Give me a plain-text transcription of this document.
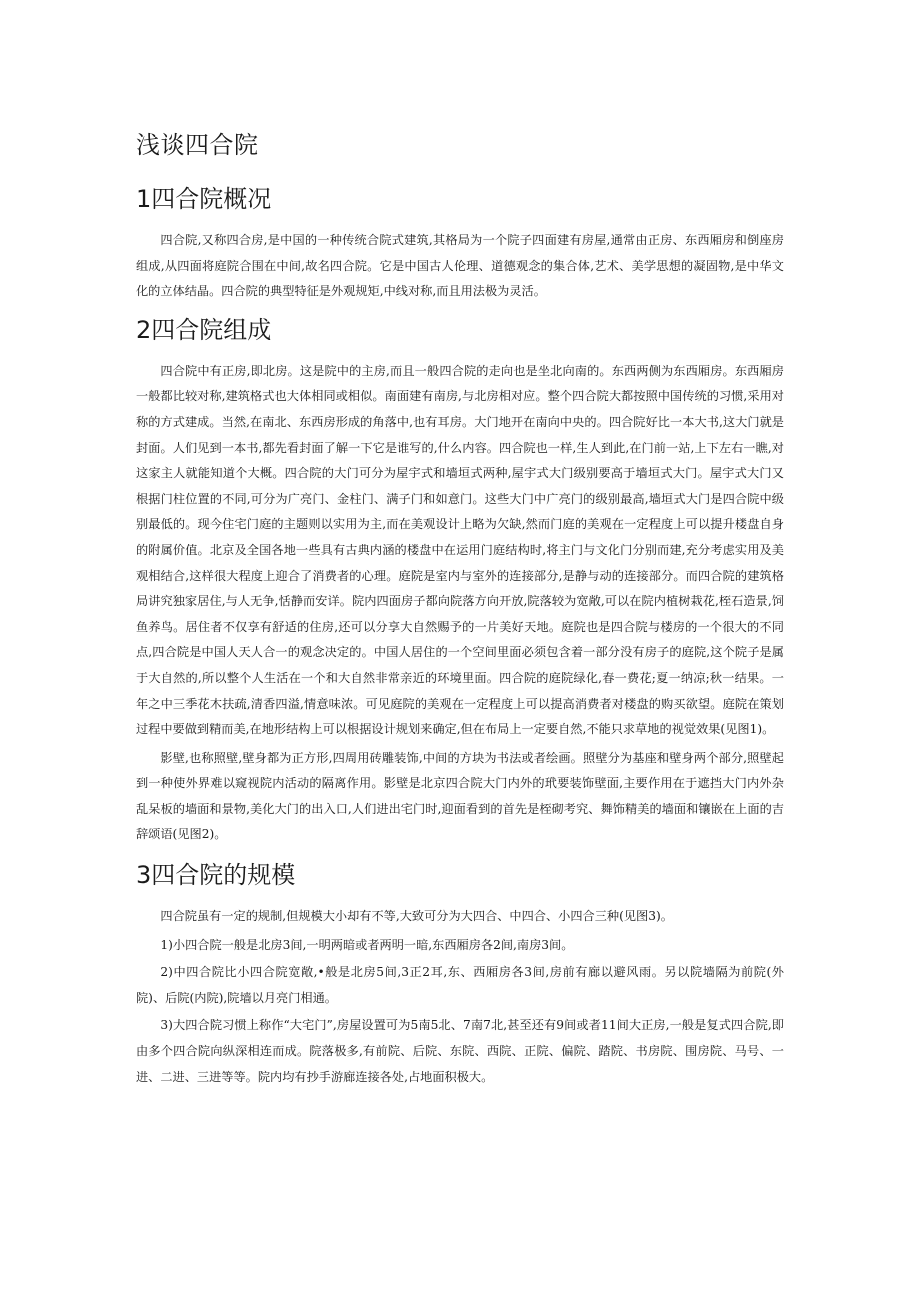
浅谈四合院
1四合院概况

四合院,又称四合房,是中国的一种传统合院式建筑,其格局为一个院子四面建有房屋,通常由正房、东西厢房和倒座房组成,从四面将庭院合围在中间,故名四合院。它是中国古人伦理、道德观念的集合体,艺术、美学思想的凝固物,是中华文化的立体结晶。四合院的典型特征是外观规矩,中线对称,而且用法极为灵活。

2四合院组成

四合院中有正房,即北房。这是院中的主房,而且一般四合院的走向也是坐北向南的。东西两侧为东西厢房。东西厢房一般都比较对称,建筑格式也大体相同或相似。南面建有南房,与北房相对应。整个四合院大都按照中国传统的习惯,采用对称的方式建成。当然,在南北、东西房形成的角落中,也有耳房。大门地开在南向中央的。四合院好比一本大书,这大门就是封面。人们见到一本书,都先看封面了解一下它是谁写的,什么内容。四合院也一样,生人到此,在门前一站,上下左右一瞧,对这家主人就能知道个大概。四合院的大门可分为屋宇式和墙垣式两种,屋宇式大门级别要高于墙垣式大门。屋宇式大门又根据门柱位置的不同,可分为广亮门、金柱门、满子门和如意门。这些大门中广亮门的级别最高,墙垣式大门是四合院中级别最低的。现今住宅门庭的主题则以实用为主,而在美观设计上略为欠缺,然而门庭的美观在一定程度上可以提升楼盘自身的附属价值。北京及全国各地一些具有古典内涵的楼盘中在运用门庭结构时,将主门与文化门分别而建,充分考虑实用及美观相结合,这样很大程度上迎合了消费者的心理。庭院是室内与室外的连接部分,是静与动的连接部分。而四合院的建筑格局讲究独家居住,与人无争,恬静而安详。院内四面房子都向院落方向开放,院落较为宽敞,可以在院内植树栽花,桎石造景,饲鱼养鸟。居住者不仅享有舒适的住房,还可以分享大自然赐予的一片美好天地。庭院也是四合院与楼房的一个很大的不同点,四合院是中国人天人合一的观念决定的。中国人居住的一个空间里面必须包含着一部分没有房子的庭院,这个院子是属于大自然的,所以整个人生活在一个和大自然非常亲近的环境里面。四合院的庭院绿化,春一费花;夏一纳凉;秋一结果。一年之中三季花木扶疏,清香四溢,情意味浓。可见庭院的美观在一定程度上可以提高消费者对楼盘的购买欲望。庭院在策划过程中要做到精而美,在地形结构上可以根据设计规划来确定,但在布局上一定要自然,不能只求草地的视觉效果(见图1)。

影壁,也称照壁,壁身都为正方形,四周用砖雕装饰,中间的方块为书法或者绘画。照壁分为基座和壁身两个部分,照壁起到一种使外界难以窥视院内活动的隔离作用。影壁是北京四合院大门内外的玳要装饰壁面,主要作用在于遮挡大门内外杂乱呆板的墙面和景物,美化大门的出入口,人们进出宅门时,迎面看到的首先是桎砌考究、舞饰精美的墙面和镶嵌在上面的吉辞颂语(见图2)。

3四合院的规模

四合院虽有一定的规制,但规模大小却有不等,大致可分为大四合、中四合、小四合三种(见图3)。

1)小四合院一般是北房3间,一明两暗或者两明一暗,东西厢房各2间,南房3间。

2)中四合院比小四合院宽敞,•般是北房5间,3正2耳,东、西厢房各3间,房前有廊以避风雨。另以院墙隔为前院(外院)、后院(内院),院墙以月亮门相通。

3)大四合院习惯上称作“大宅门”,房屋设置可为5南5北、7南7北,甚至还有9间或者11间大正房,一般是复式四合院,即由多个四合院向纵深相连而成。院落极多,有前院、后院、东院、西院、正院、偏院、踏院、书房院、围房院、马号、一进、二进、三进等等。院内均有抄手游廊连接各处,占地面积极大。
